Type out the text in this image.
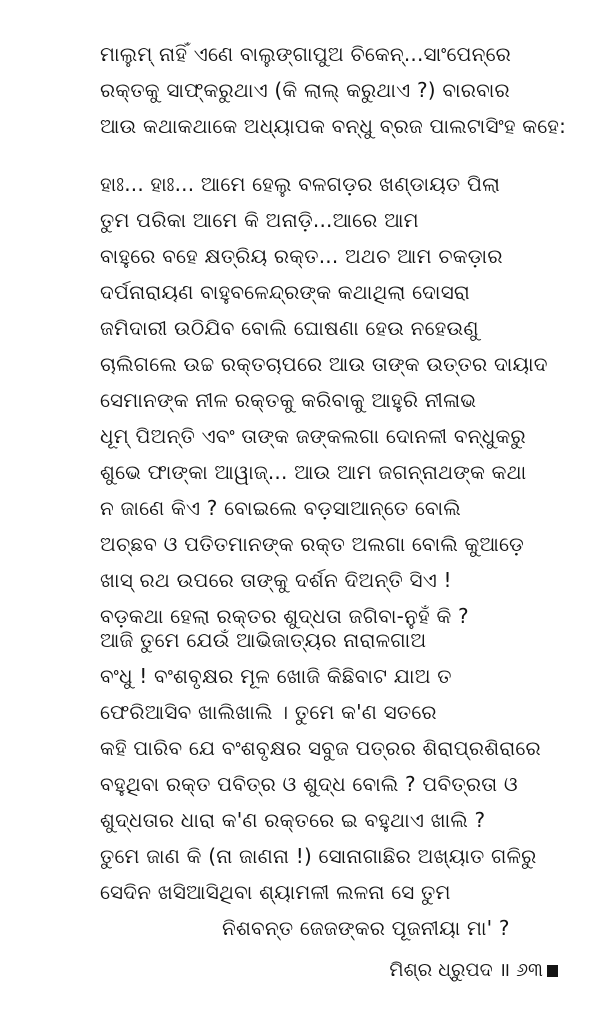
ମାଲୁମ୍ ନାହିଁ ଏଣେ ବାଲୁଙ୍ଗାପୁଅ ଚିକେନ୍...ସାଂପେନ୍‌ରେ
ରକ୍ତକୁ ସାଫ୍‌କରୁଥାଏ (କି ଲାଲ୍ କରୁଥାଏ ?) ବାରବାର
ଆଉ କଥାକଥାକେ ଅଧ୍ୟାପକ ବନ୍ଧୁ ବ୍ରଜ ପାଲଟାସିଂହ କହେ:
ହାଃ... ହାଃ... ଆମେ ହେଲୁ ବଳଗଡ଼ର ଖଣ୍ଡାୟତ ପିଲା
ତୁମ ପରିକା ଆମେ କି ଅନାଡ଼ି...ଆରେ ଆମ
ବାହୁରେ ବହେ କ୍ଷତ୍ରିୟ ରକ୍ତ... ଅଥଚ ଆମ ଚକଡ଼ାର
ଦର୍ପନାରାୟଣ ବାହୁବଳେନ୍ଦ୍ରଙ୍କ କଥାଥିଲା ଦୋସରା
ଜମିଦାରୀ ଉଠିଯିବ ବୋଲି ଘୋଷଣା ହେଉ ନହେଉଣୁ
ଚାଲିଗଲେ ଉଚ୍ଚ ରକ୍ତଚାପରେ ଆଉ ତାଙ୍କ ଉତ୍ତର ଦାୟାଦ
ସେମାନଙ୍କ ନୀଳ ରକ୍ତକୁ କରିବାକୁ ଆହୁରି ନୀଳାଭ
ଧୂମ୍ ପିଅନ୍ତି ଏବଂ ତାଙ୍କ ଜଙ୍କଲଗା ଦୋନଳୀ ବନ୍ଧୁକରୁ
ଶୁଭେ ଫାଙ୍କା ଆୱାଜ୍... ଆଉ ଆମ ଜଗନ୍ନାଥଙ୍କ କଥା
ନ ଜାଣେ କିଏ ? ବୋଇଲେ ବଡ଼ସାଆନ୍ତେ ବୋଲି
ଅଚ୍ଛବ ଓ ପତିତମାନଙ୍କ ରକ୍ତ ଅଲଗା ବୋଲି କୁଆଡ଼େ
ଖାସ୍ ରଥ ଉପରେ ତାଙ୍କୁ ଦର୍ଶନ ଦିଅନ୍ତି ସିଏ !
ବଡ଼କଥା ହେଲା ରକ୍ତର ଶୁଦ୍ଧତା ଜଗିବା-ନୁହଁ କି ?
ଆଜି ତୁମେ ଯେଉଁ ଆଭିଜାତ୍ୟର ନାରାଳଗାଅ
ବଂଧୁ ! ବଂଶବୃକ୍ଷର ମୂଳ ଖୋଜି କିଛିବାଟ ଯାଅ ତ
ଫେରିଆସିବ ଖାଲିଖାଲି । ତୁମେ କ'ଣ ସତରେ
କହି ପାରିବ ଯେ ବଂଶବୃକ୍ଷର ସବୁଜ ପତ୍ରର ଶିରାପ୍ରଶିରାରେ
ବହୁଥିବା ରକ୍ତ ପବିତ୍ର ଓ ଶୁଦ୍ଧ ବୋଲି ? ପବିତ୍ରତା ଓ
ଶୁଦ୍ଧତାର ଧାରା କ'ଣ ରକ୍ତରେ ଇ ବହୁଥାଏ ଖାଲି ?
ତୁମେ ଜାଣ କି (ନା ଜାଣନା !) ସୋନାଗାଛିର ଅଖ୍ୟାତ ଗଳିରୁ
ସେଦିନ ଖସିଆସିଥିବା ଶ୍ୟାମଳୀ ଲଳନା ସେ ତୁମ
ନିଶବନ୍ତ ଜେଜଙ୍କର ପୂଜନୀୟା ମା' ?
ମିଶ୍ର ଧ୍ରୁପଦ ॥ ୬୩
